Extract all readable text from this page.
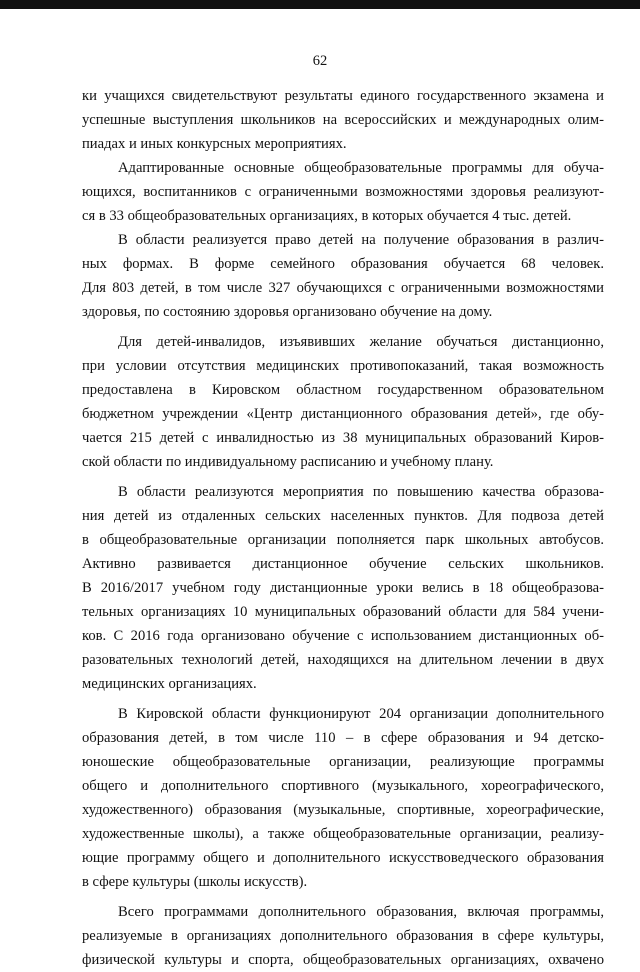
62
ки учащихся свидетельствуют результаты единого государственного экзамена и
успешные выступления школьников на всероссийских и международных олим-
пиадах и иных конкурсных мероприятиях.
Адаптированные основные общеобразовательные программы для обуча-
ющихся, воспитанников с ограниченными возможностями здоровья реализуют-
ся в 33 общеобразовательных организациях, в которых обучается 4 тыс. детей.
В области реализуется право детей на получение образования в различ-
ных формах. В форме семейного образования обучается 68 человек.
Для 803 детей, в том числе 327 обучающихся с ограниченными возможностями
здоровья, по состоянию здоровья организовано обучение на дому.
Для детей-инвалидов, изъявивших желание обучаться дистанционно,
при условии отсутствия медицинских противопоказаний, такая возможность
предоставлена в Кировском областном государственном образовательном
бюджетном учреждении «Центр дистанционного образования детей», где обу-
чается 215 детей с инвалидностью из 38 муниципальных образований Киров-
ской области по индивидуальному расписанию и учебному плану.
В области реализуются мероприятия по повышению качества образова-
ния детей из отдаленных сельских населенных пунктов. Для подвоза детей
в общеобразовательные организации пополняется парк школьных автобусов.
Активно развивается дистанционное обучение сельских школьников.
В 2016/2017 учебном году дистанционные уроки велись в 18 общеобразова-
тельных организациях 10 муниципальных образований области для 584 учени-
ков. С 2016 года организовано обучение с использованием дистанционных об-
разовательных технологий детей, находящихся на длительном лечении в двух
медицинских организациях.
В Кировской области функционируют 204 организации дополнительного
образования детей, в том числе 110 – в сфере образования и 94 детско-
юношеские общеобразовательные организации, реализующие программы
общего и дополнительного спортивного (музыкального, хореографического,
художественного) образования (музыкальные, спортивные, хореографические,
художественные школы), а также общеобразовательные организации, реализу-
ющие программу общего и дополнительного искусствоведческого образования
в сфере культуры (школы искусств).
Всего программами дополнительного образования, включая программы,
реализуемые в организациях дополнительного образования в сфере культуры,
физической культуры и спорта, общеобразовательных организациях, охвачено
